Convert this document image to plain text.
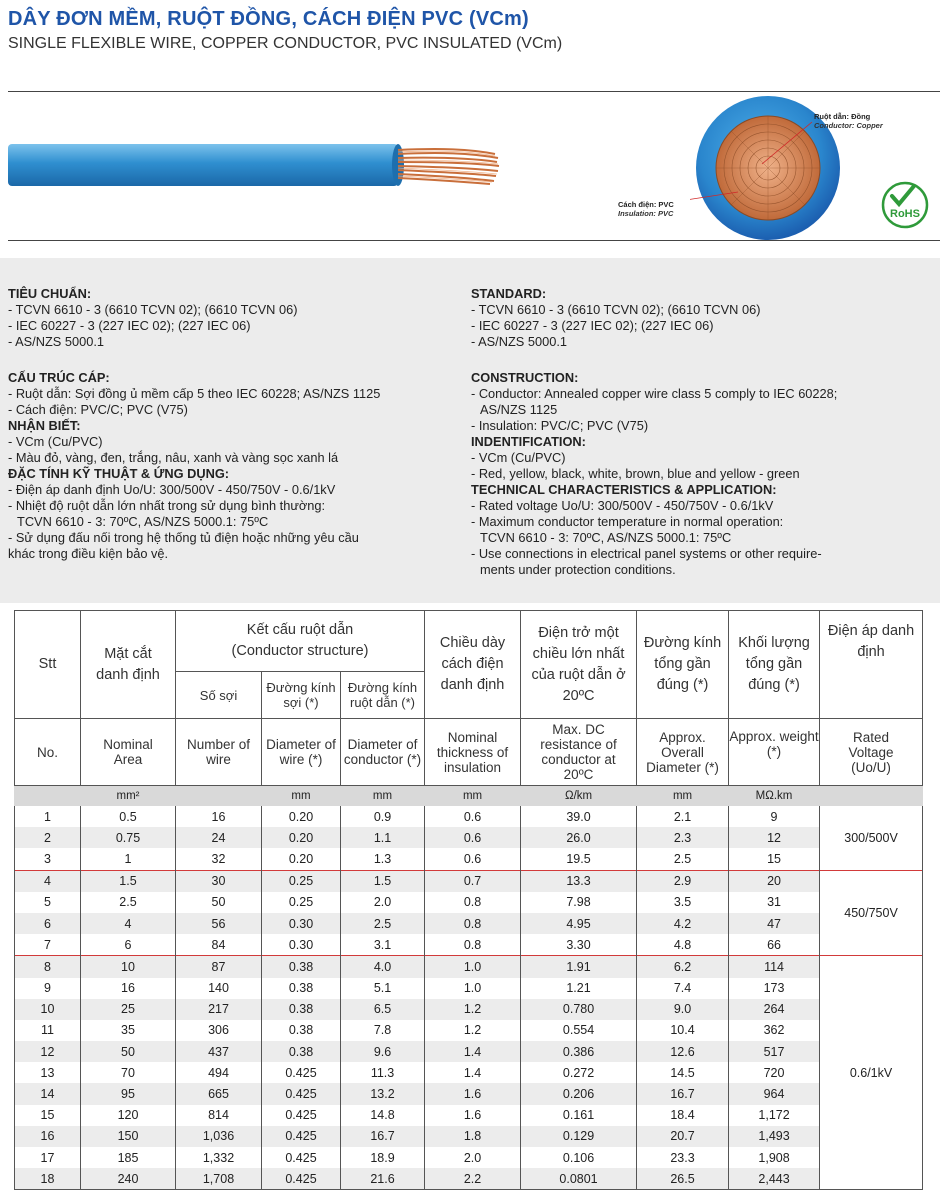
DÂY ĐƠN MỀM, RUỘT ĐỒNG, CÁCH ĐIỆN PVC (VCm)
SINGLE FLEXIBLE WIRE, COPPER CONDUCTOR, PVC INSULATED (VCm)
Ruột dẫn: Đồng
Conductor: Copper
Cách điện: PVC
Insulation: PVC	RoHS
TIÊU CHUẨN:

- TCVN 6610 - 3 (6610 TCVN 02); (6610 TCVN 06)

- IEC 60227 - 3 (227 IEC 02); (227 IEC 06)

- AS/NZS 5000.1

CẤU TRÚC CÁP:

- Ruột dẫn: Sợi đồng ủ mềm cấp 5 theo IEC 60228; AS/NZS 1125

- Cách điện: PVC/C; PVC (V75)

NHẬN BIẾT:

- VCm (Cu/PVC)

- Màu đỏ, vàng, đen, trắng, nâu, xanh và vàng sọc xanh lá

ĐẶC TÍNH KỸ THUẬT & ỨNG DỤNG:

- Điện áp danh định Uo/U: 300/500V - 450/750V - 0.6/1kV

- Nhiệt độ ruột dẫn lớn nhất trong sử dụng bình thường:

TCVN 6610 - 3: 70ºC, AS/NZS 5000.1: 75ºC

- Sử dụng đấu nối trong hệ thống tủ điện hoặc những yêu cầu

khác trong điều kiện bảo vệ.

STANDARD:

- TCVN 6610 - 3 (6610 TCVN 02); (6610 TCVN 06)

- IEC 60227 - 3 (227 IEC 02); (227 IEC 06)

- AS/NZS 5000.1

CONSTRUCTION:

- Conductor: Annealed copper wire class 5 comply to IEC 60228;

AS/NZS 1125

- Insulation: PVC/C; PVC (V75)

INDENTIFICATION:

- VCm (Cu/PVC)

- Red, yellow, black, white, brown, blue and yellow - green

TECHNICAL CHARACTERISTICS & APPLICATION:

- Rated voltage Uo/U: 300/500V - 450/750V - 0.6/1kV

- Maximum conductor temperature in normal operation:

TCVN 6610 - 3: 70ºC, AS/NZS 5000.1: 75ºC

- Use connections in electrical panel systems or other require-

ments under protection conditions.

Stt	Mặt cắt danh định	Kết cấu ruột dẫn (Conductor structure)			Chiều dày cách điện danh định	Điện trở một chiều lớn nhất của ruột dẫn ở 20ºC	Đường kính tổng gần đúng (*)	Khối lượng tổng gần đúng (*)	Điện áp danh định
		Số sợi	Đường kính sợi (*)	Đường kính ruột dẫn (*)					
No.	Nominal Area	Number of wire	Diameter of wire (*)	Diameter of conductor (*)	Nominal thickness of insulation	Max. DC resistance of conductor at 20ºC	Approx. Overall Diameter (*)	Approx. weight (*)	Rated Voltage (Uo/U)
	mm²		mm	mm	mm	Ω/km	mm	MΩ.km	
1	0.5	16	0.20	0.9	0.6	39.0	2.1	9	300/500V
2	0.75	24	0.20	1.1	0.6	26.0	2.3	12	
3	1	32	0.20	1.3	0.6	19.5	2.5	15	
4	1.5	30	0.25	1.5	0.7	13.3	2.9	20	450/750V
5	2.5	50	0.25	2.0	0.8	7.98	3.5	31	
6	4	56	0.30	2.5	0.8	4.95	4.2	47	
7	6	84	0.30	3.1	0.8	3.30	4.8	66	
8	10	87	0.38	4.0	1.0	1.91	6.2	114	0.6/1kV
9	16	140	0.38	5.1	1.0	1.21	7.4	173	
10	25	217	0.38	6.5	1.2	0.780	9.0	264	
11	35	306	0.38	7.8	1.2	0.554	10.4	362	
12	50	437	0.38	9.6	1.4	0.386	12.6	517	
13	70	494	0.425	11.3	1.4	0.272	14.5	720	
14	95	665	0.425	13.2	1.6	0.206	16.7	964	
15	120	814	0.425	14.8	1.6	0.161	18.4	1,172	
16	150	1,036	0.425	16.7	1.8	0.129	20.7	1,493	
17	185	1,332	0.425	18.9	2.0	0.106	23.3	1,908	
18	240	1,708	0.425	21.6	2.2	0.0801	26.5	2,443	
